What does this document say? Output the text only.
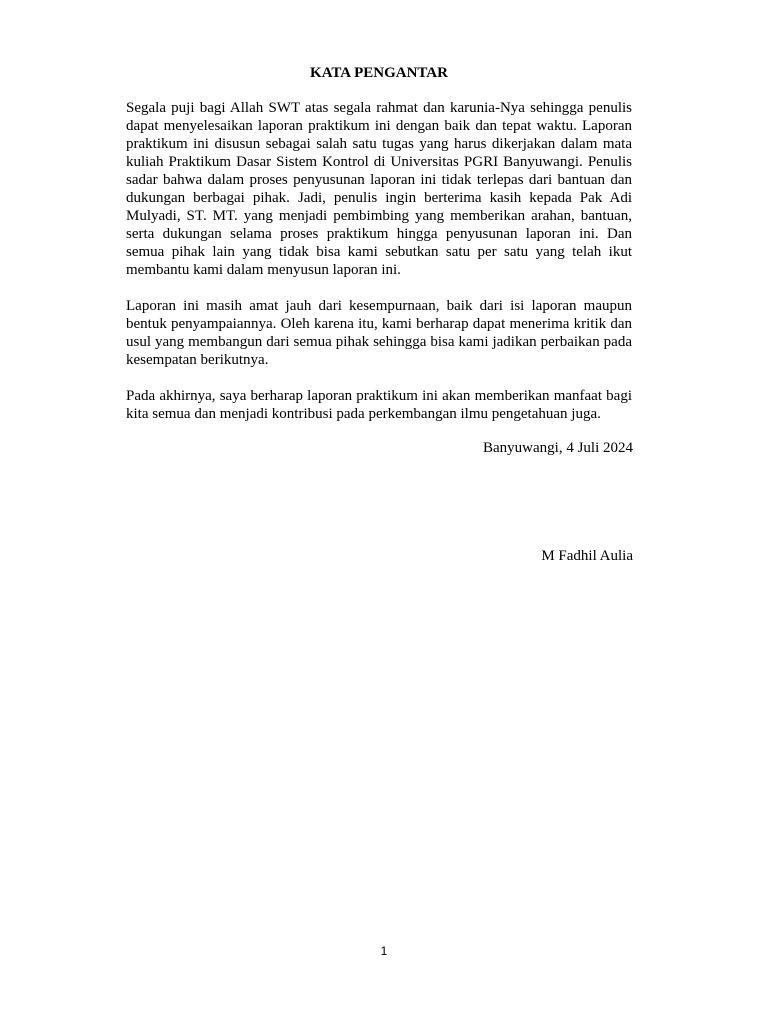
KATA PENGANTAR

Segala puji bagi Allah SWT atas segala rahmat dan karunia-Nya sehingga penulis dapat menyelesaikan laporan praktikum ini dengan baik dan tepat waktu. Laporan praktikum ini disusun sebagai salah satu tugas yang harus dikerjakan dalam mata kuliah Praktikum Dasar Sistem Kontrol di Universitas PGRI Banyuwangi. Penulis sadar bahwa dalam proses penyusunan laporan ini tidak terlepas dari bantuan dan dukungan berbagai pihak. Jadi, penulis ingin berterima kasih kepada Pak Adi Mulyadi, ST. MT. yang menjadi pembimbing yang memberikan arahan, bantuan, serta dukungan selama proses praktikum hingga penyusunan laporan ini. Dan semua pihak lain yang tidak bisa kami sebutkan satu per satu yang telah ikut membantu kami dalam menyusun laporan ini.

Laporan ini masih amat jauh dari kesempurnaan, baik dari isi laporan maupun bentuk penyampaiannya. Oleh karena itu, kami berharap dapat menerima kritik dan usul yang membangun dari semua pihak sehingga bisa kami jadikan perbaikan pada kesempatan berikutnya.

Pada akhirnya, saya berharap laporan praktikum ini akan memberikan manfaat bagi kita semua dan menjadi kontribusi pada perkembangan ilmu pengetahuan juga.

Banyuwangi, 4 Juli 2024

M Fadhil Aulia

1
